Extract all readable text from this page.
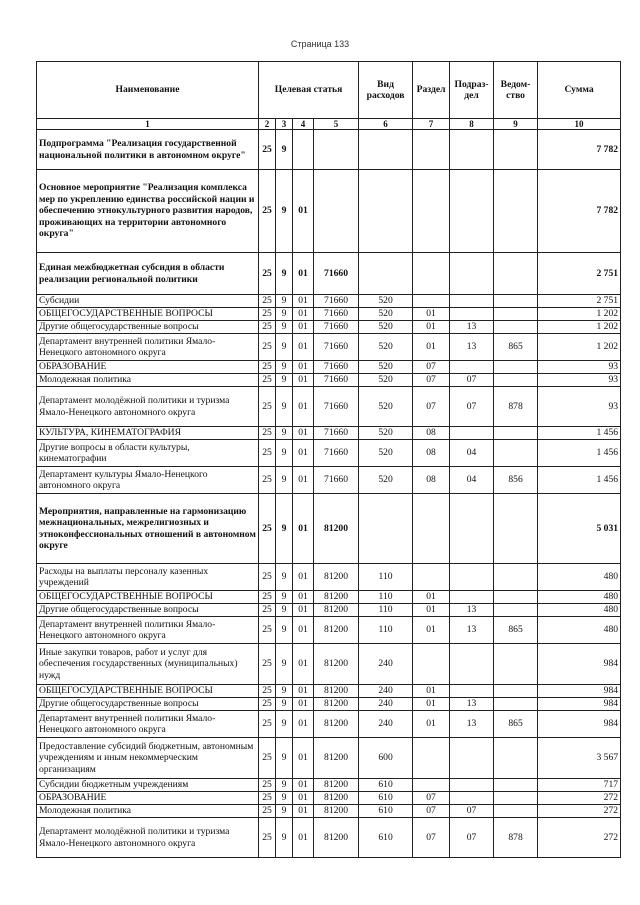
Страница 133
Наименование	Целевая статья				Вид расходов	Раздел	Подраз-дел	Ведом-ство	Сумма
1	2	3	4	5	6	7	8	9	10
Подпрограмма "Реализация государственной национальной политики в автономном округе"	25	9							7 782
Основное мероприятие "Реализация комплекса мер по укреплению единства российской нации и обеспечению этнокультурного развития народов, проживающих на территории автономного округа"	25	9	01						7 782
Единая межбюджетная субсидия в области реализации региональной политики	25	9	01	71660					2 751
Субсидии	25	9	01	71660	520				2 751
ОБЩЕГОСУДАРСТВЕННЫЕ ВОПРОСЫ	25	9	01	71660	520	01			1 202
Другие общегосударственные вопросы	25	9	01	71660	520	01	13		1 202
Департамент внутренней политики Ямало-Ненецкого автономного округа	25	9	01	71660	520	01	13	865	1 202
ОБРАЗОВАНИЕ	25	9	01	71660	520	07			93
Молодежная политика	25	9	01	71660	520	07	07		93
Департамент молодёжной политики и туризма Ямало-Ненецкого автономного округа	25	9	01	71660	520	07	07	878	93
КУЛЬТУРА, КИНЕМАТОГРАФИЯ	25	9	01	71660	520	08			1 456
Другие вопросы в области культуры, кинематографии	25	9	01	71660	520	08	04		1 456
Департамент культуры Ямало-Ненецкого автономного округа	25	9	01	71660	520	08	04	856	1 456
Мероприятия, направленные на гармонизацию межнациональных, межрелигиозных и этноконфессиональных отношений в автономном округе	25	9	01	81200					5 031
Расходы на выплаты персоналу казенных учреждений	25	9	01	81200	110				480
ОБЩЕГОСУДАРСТВЕННЫЕ ВОПРОСЫ	25	9	01	81200	110	01			480
Другие общегосударственные вопросы	25	9	01	81200	110	01	13		480
Департамент внутренней политики Ямало-Ненецкого автономного округа	25	9	01	81200	110	01	13	865	480
Иные закупки товаров, работ и услуг для обеспечения государственных (муниципальных) нужд	25	9	01	81200	240				984
ОБЩЕГОСУДАРСТВЕННЫЕ ВОПРОСЫ	25	9	01	81200	240	01			984
Другие общегосударственные вопросы	25	9	01	81200	240	01	13		984
Департамент внутренней политики Ямало-Ненецкого автономного округа	25	9	01	81200	240	01	13	865	984
Предоставление субсидий бюджетным, автономным учреждениям и иным некоммерческим организациям	25	9	01	81200	600				3 567
Субсидии бюджетным учреждениям	25	9	01	81200	610				717
ОБРАЗОВАНИЕ	25	9	01	81200	610	07			272
Молодежная политика	25	9	01	81200	610	07	07		272
Департамент молодёжной политики и туризма Ямало-Ненецкого автономного округа	25	9	01	81200	610	07	07	878	272
